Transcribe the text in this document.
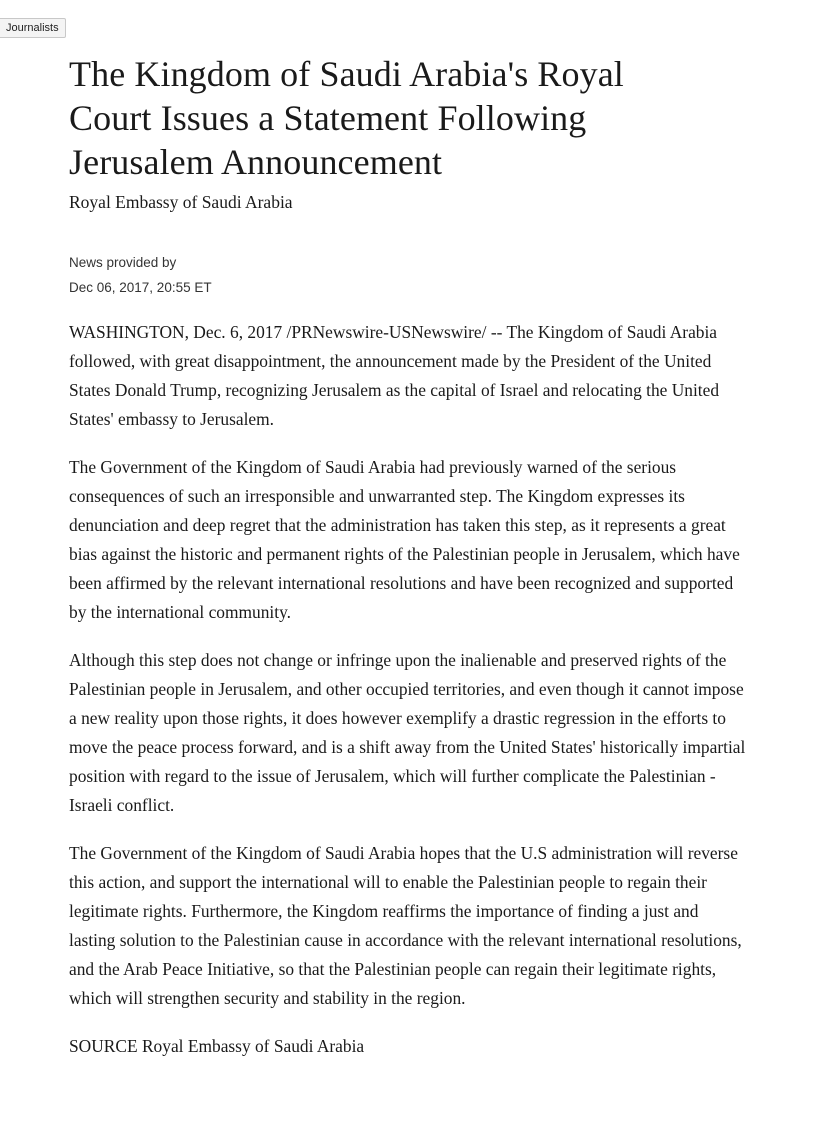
Journalists
The Kingdom of Saudi Arabia's Royal Court Issues a Statement Following Jerusalem Announcement
Royal Embassy of Saudi Arabia
News provided by
Dec 06, 2017, 20:55 ET

WASHINGTON, Dec. 6, 2017 /PRNewswire-USNewswire/ -- The Kingdom of Saudi Arabia followed, with great disappointment, the announcement made by the President of the United States Donald Trump, recognizing Jerusalem as the capital of Israel and relocating the United States' embassy to Jerusalem.

The Government of the Kingdom of Saudi Arabia had previously warned of the serious consequences of such an irresponsible and unwarranted step. The Kingdom expresses its denunciation and deep regret that the administration has taken this step, as it represents a great bias against the historic and permanent rights of the Palestinian people in Jerusalem, which have been affirmed by the relevant international resolutions and have been recognized and supported by the international community.

Although this step does not change or infringe upon the inalienable and preserved rights of the Palestinian people in Jerusalem, and other occupied territories, and even though it cannot impose a new reality upon those rights, it does however exemplify a drastic regression in the efforts to move the peace process forward, and is a shift away from the United States' historically impartial position with regard to the issue of Jerusalem, which will further complicate the Palestinian -Israeli conflict.

The Government of the Kingdom of Saudi Arabia hopes that the U.S administration will reverse this action, and support the international will to enable the Palestinian people to regain their legitimate rights. Furthermore, the Kingdom reaffirms the importance of finding a just and lasting solution to the Palestinian cause in accordance with the relevant international resolutions, and the Arab Peace Initiative, so that the Palestinian people can regain their legitimate rights, which will strengthen security and stability in the region.

SOURCE Royal Embassy of Saudi Arabia
